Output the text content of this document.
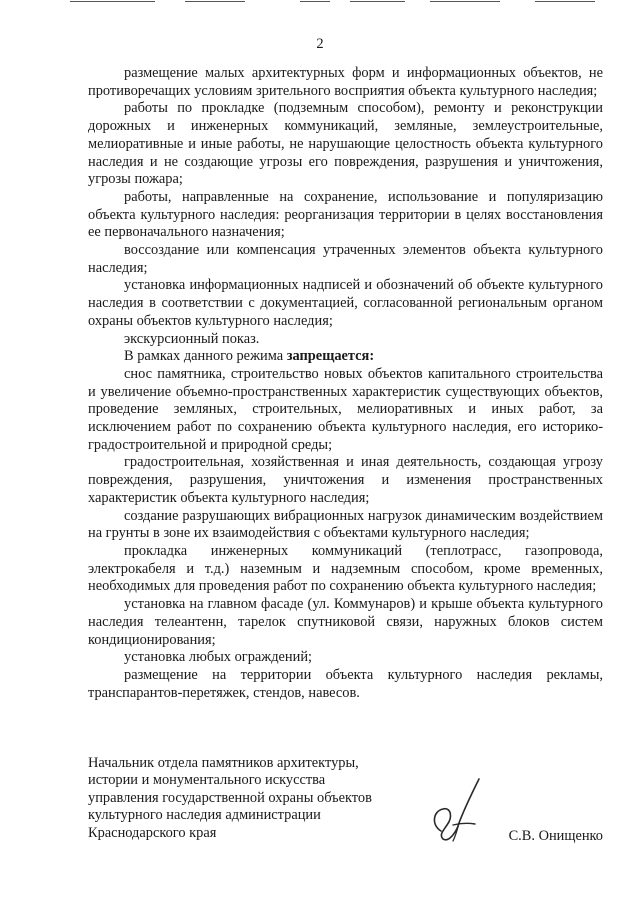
2

размещение малых архитектурных форм и информационных объектов, не противоречащих условиям зрительного восприятия объекта культурного наследия;

работы по прокладке (подземным способом), ремонту и реконструкции дорожных и инженерных коммуникаций, земляные, землеустроительные, мелиоративные и иные работы, не нарушающие целостность объекта культурного наследия и не создающие угрозы его повреждения, разрушения и уничтожения, угрозы пожара;

работы, направленные на сохранение, использование и популяризацию объекта культурного наследия: реорганизация территории в целях восстановления ее первоначального назначения;

воссоздание или компенсация утраченных элементов объекта культурного наследия;

установка информационных надписей и обозначений об объекте культурного наследия в соответствии с документацией, согласованной региональным органом охраны объектов культурного наследия;

экскурсионный показ.

В рамках данного режима запрещается:

снос памятника, строительство новых объектов капитального строительства и увеличение объемно-пространственных характеристик существующих объектов, проведение земляных, строительных, мелиоративных и иных работ, за исключением работ по сохранению объекта культурного наследия, его историко-градостроительной и природной среды;

градостроительная, хозяйственная и иная деятельность, создающая угрозу повреждения, разрушения, уничтожения и изменения пространственных характеристик объекта культурного наследия;

создание разрушающих вибрационных нагрузок динамическим воздействием на грунты в зоне их взаимодействия с объектами культурного наследия;

прокладка инженерных коммуникаций (теплотрасс, газопровода, электрокабеля и т.д.) наземным и надземным способом, кроме временных, необходимых для проведения работ по сохранению объекта культурного наследия;

установка на главном фасаде (ул. Коммунаров) и крыше объекта культурного наследия телеантенн, тарелок спутниковой связи, наружных блоков систем кондиционирования;

установка любых ограждений;

размещение на территории объекта культурного наследия рекламы, транспарантов-перетяжек, стендов, навесов.

Начальник отдела памятников архитектуры,
истории и монументального искусства
управления государственной охраны объектов
культурного наследия администрации
Краснодарского края	С.В. Онищенко
